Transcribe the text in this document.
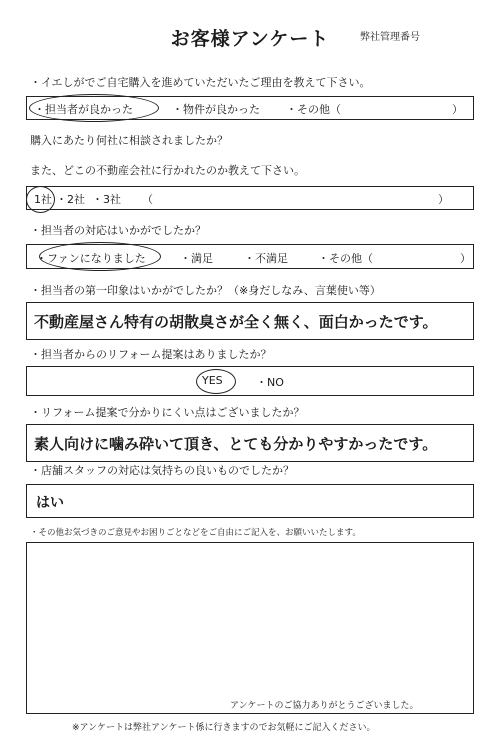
お客様アンケート	弊社管理番号
・イエしがでご自宅購入を進めていただいたご理由を教えて下さい。
・担当者が良かった	・物件が良かった ・その他（	）
購入にあたり何社に相談されましたか？
また、どこの不動産会社に行かれたのか教えて下さい。
1社 ・2社 ・3社 （	）
・担当者の対応はいかがでしたか？
・ファンになりました	・満足	・不満足	・その他（	）
・担当者の第一印象はいかがでしたか？（※身だしなみ、言葉使い等）
不動産屋さん特有の胡散臭さが全く無く、面白かったです。
・担当者からのリフォーム提案はありましたか？
YES	・NO
・リフォーム提案で分かりにくい点はございましたか？
素人向けに噛み砕いて頂き、とても分かりやすかったです。
・店舗スタッフの対応は気持ちの良いものでしたか？
はい
・その他お気づきのご意見やお困りごとなどをご自由にご記入を、お願いいたします。
アンケートのご協力ありがとうございました。
※アンケートは弊社アンケート係に行きますのでお気軽にご記入ください。
